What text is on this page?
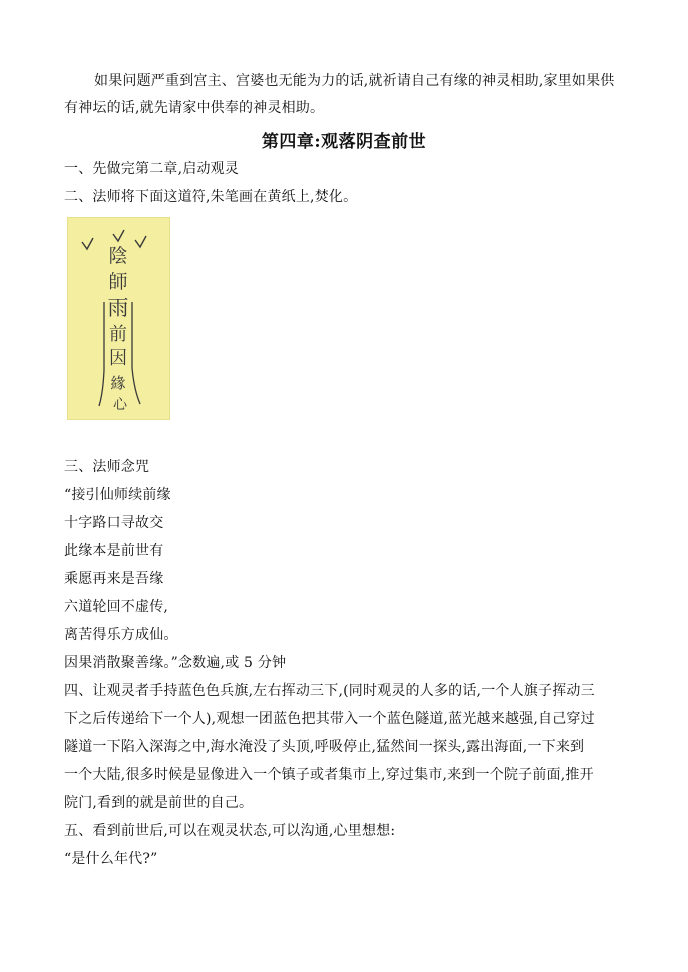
如果问题严重到宫主、宫婆也无能为力的话,就祈请自己有缘的神灵相助,家里如果供
有神坛的话,就先请家中供奉的神灵相助。
第四章:观落阴查前世
一、先做完第二章,启动观灵
二、法师将下面这道符,朱笔画在黄纸上,焚化。
陰
師
雨
前
因
緣
心
三、法师念咒
“接引仙师续前缘
十字路口寻故交
此缘本是前世有
乘愿再来是吾缘
六道轮回不虚传,
离苦得乐方成仙。
因果消散聚善缘。”念数遍,或 5 分钟
四、让观灵者手持蓝色色兵旗,左右挥动三下,(同时观灵的人多的话,一个人旗子挥动三
下之后传递给下一个人),观想一团蓝色把其带入一个蓝色隧道,蓝光越来越强,自己穿过
隧道一下陷入深海之中,海水淹没了头顶,呼吸停止,猛然间一探头,露出海面,一下来到
一个大陆,很多时候是显像进入一个镇子或者集市上,穿过集市,来到一个院子前面,推开
院门,看到的就是前世的自己。
五、看到前世后,可以在观灵状态,可以沟通,心里想想:
“是什么年代?”
